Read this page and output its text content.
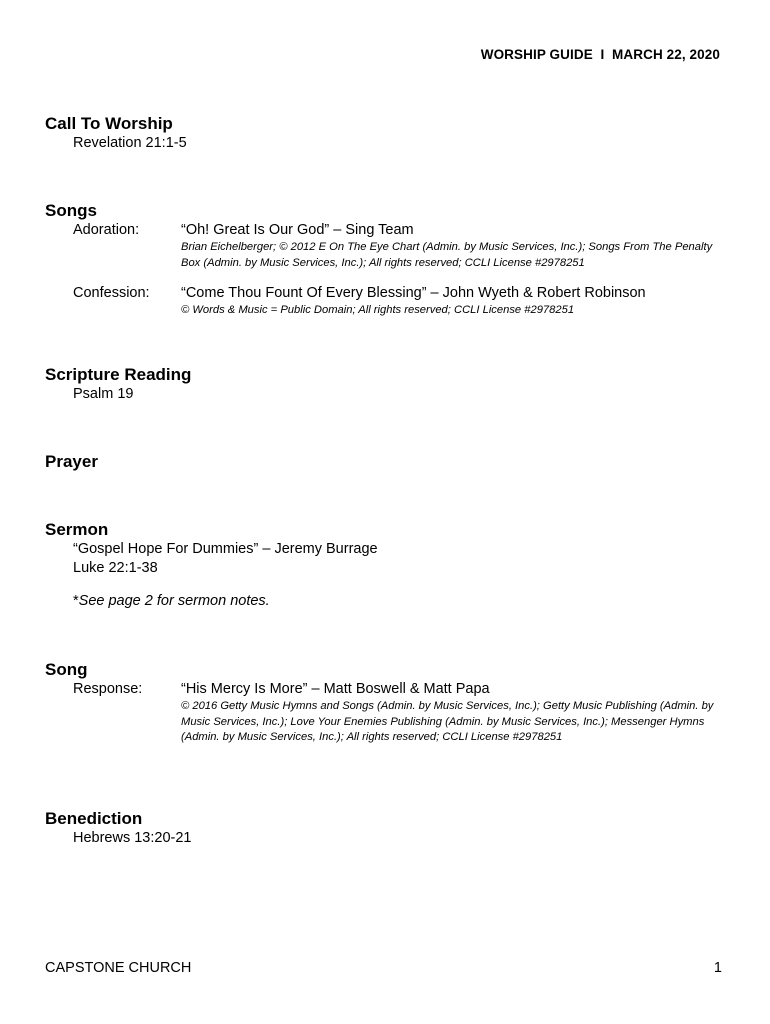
WORSHIP GUIDE  I  MARCH 22, 2020
Call To Worship
Revelation 21:1-5
Songs
Adoration:	“Oh! Great Is Our God” – Sing Team
Brian Eichelberger; © 2012 E On The Eye Chart (Admin. by Music Services, Inc.); Songs From The Penalty Box (Admin. by Music Services, Inc.); All rights reserved; CCLI License #2978251
Confession: “Come Thou Fount Of Every Blessing” – John Wyeth & Robert Robinson
© Words & Music = Public Domain; All rights reserved; CCLI License #2978251
Scripture Reading
Psalm 19
Prayer
Sermon
“Gospel Hope For Dummies” – Jeremy Burrage
Luke 22:1-38
*See page 2 for sermon notes.
Song
Response:	“His Mercy Is More” – Matt Boswell & Matt Papa
© 2016 Getty Music Hymns and Songs (Admin. by Music Services, Inc.); Getty Music Publishing (Admin. by Music Services, Inc.); Love Your Enemies Publishing (Admin. by Music Services, Inc.); Messenger Hymns (Admin. by Music Services, Inc.); All rights reserved; CCLI License #2978251
Benediction
Hebrews 13:20-21
CAPSTONE CHURCH	1
